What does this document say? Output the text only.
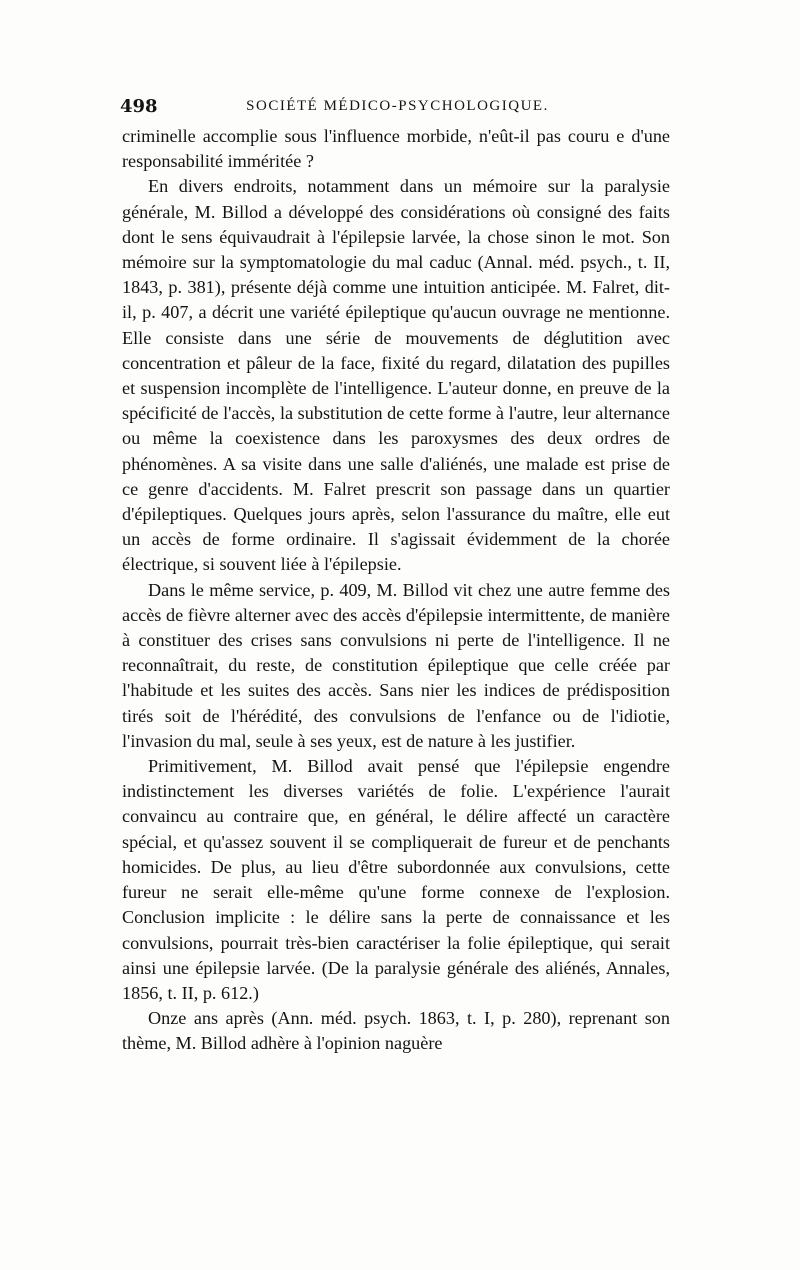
498	SOCIÉTÉ MÉDICO-PSYCHOLOGIQUE.

criminelle accomplie sous l'influence morbide, n'eût-il pas couru e d'une responsabilité imméritée ?

En divers endroits, notamment dans un mémoire sur la paralysie générale, M. Billod a développé des considérations où consigné des faits dont le sens équivaudrait à l'épilepsie larvée, la chose sinon le mot. Son mémoire sur la symptomatologie du mal caduc (Annal. méd. psych., t. II, 1843, p. 381), présente déjà comme une intuition anticipée. M. Falret, dit-il, p. 407, a décrit une variété épileptique qu'aucun ouvrage ne mentionne. Elle consiste dans une série de mouvements de déglutition avec concentration et pâleur de la face, fixité du regard, dilatation des pupilles et suspension incomplète de l'intelligence. L'auteur donne, en preuve de la spécificité de l'accès, la substitution de cette forme à l'autre, leur alternance ou même la coexistence dans les paroxysmes des deux ordres de phénomènes. A sa visite dans une salle d'aliénés, une malade est prise de ce genre d'accidents. M. Falret prescrit son passage dans un quartier d'épileptiques. Quelques jours après, selon l'assurance du maître, elle eut un accès de forme ordinaire. Il s'agissait évidemment de la chorée électrique, si souvent liée à l'épilepsie.

Dans le même service, p. 409, M. Billod vit chez une autre femme des accès de fièvre alterner avec des accès d'épilepsie intermittente, de manière à constituer des crises sans convulsions ni perte de l'intelligence. Il ne reconnaîtrait, du reste, de constitution épileptique que celle créée par l'habitude et les suites des accès. Sans nier les indices de prédisposition tirés soit de l'hérédité, des convulsions de l'enfance ou de l'idiotie, l'invasion du mal, seule à ses yeux, est de nature à les justifier.

Primitivement, M. Billod avait pensé que l'épilepsie engendre indistinctement les diverses variétés de folie. L'expérience l'aurait convaincu au contraire que, en général, le délire affecté un caractère spécial, et qu'assez souvent il se compliquerait de fureur et de penchants homicides. De plus, au lieu d'être subordonnée aux convulsions, cette fureur ne serait elle-même qu'une forme connexe de l'explosion. Conclusion implicite : le délire sans la perte de connaissance et les convulsions, pourrait très-bien caractériser la folie épileptique, qui serait ainsi une épilepsie larvée. (De la paralysie générale des aliénés, Annales, 1856, t. II, p. 612.)

Onze ans après (Ann. méd. psych. 1863, t. I, p. 280), reprenant son thème, M. Billod adhère à l'opinion naguère
